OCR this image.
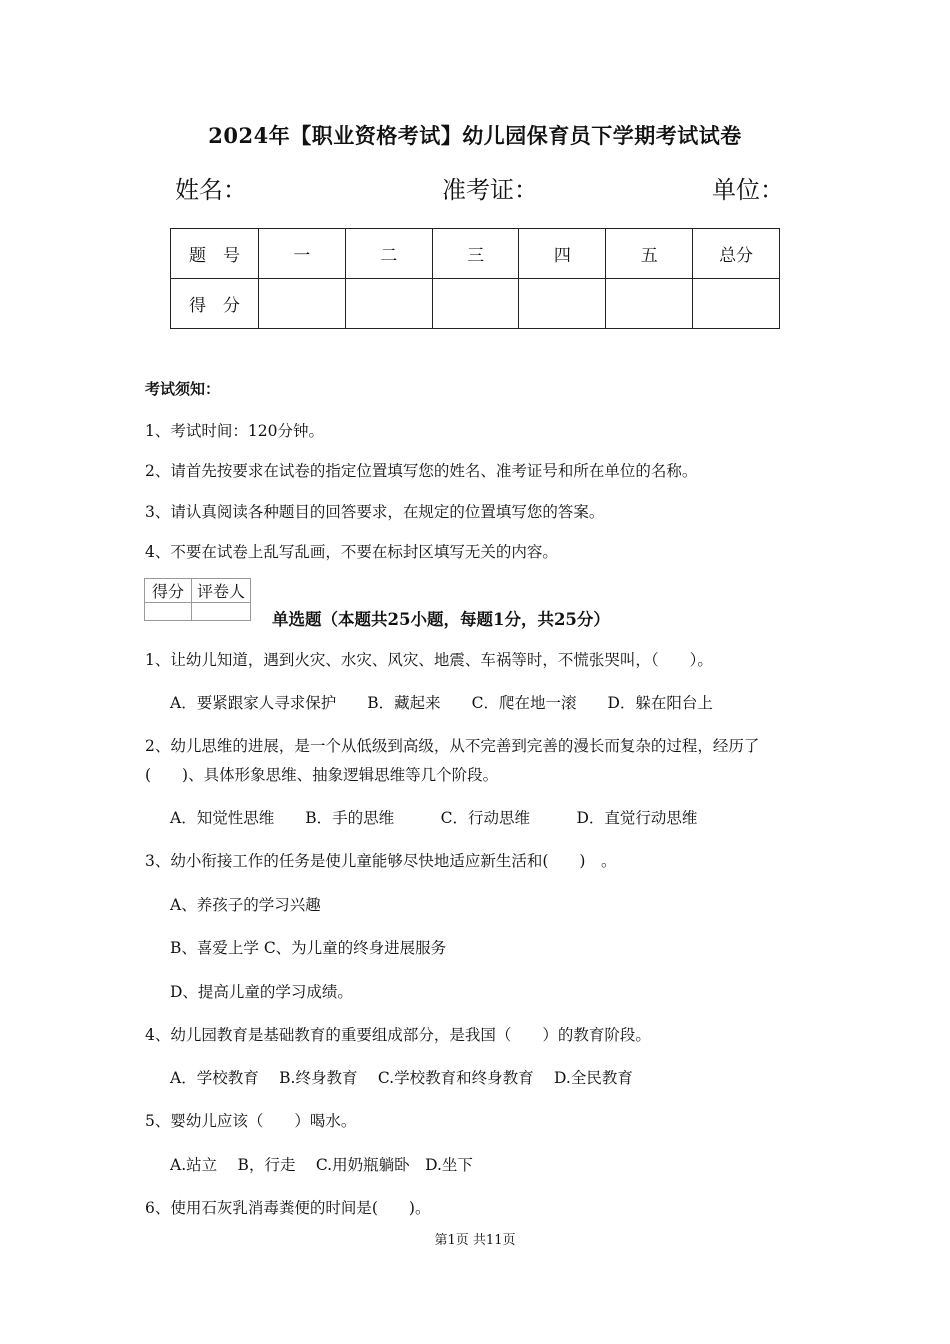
2024年【职业资格考试】幼儿园保育员下学期考试试卷
姓名：	准考证：	单位：
题　号	一	二	三	四	五	总分
得　分						
考试须知：
1、考试时间：120分钟。
2、请首先按要求在试卷的指定位置填写您的姓名、准考证号和所在单位的名称。
3、请认真阅读各种题目的回答要求，在规定的位置填写您的答案。
4、不要在试卷上乱写乱画，不要在标封区填写无关的内容。
得分	评卷人

单选题（本题共25小题，每题1分，共25分）
1、让幼儿知道，遇到火灾、水灾、风灾、地震、车祸等时，不慌张哭叫，（　　）。
A．要紧跟家人寻求保护　　B．藏起来　　C．爬在地一滚　　D．躲在阳台上
2、幼儿思维的进展，是一个从低级到高级，从不完善到完善的漫长而复杂的过程，经历了
(　　)、具体形象思维、抽象逻辑思维等几个阶段。
A．知觉性思维　　B．手的思维　　　C．行动思维　　　D．直觉行动思维
3、幼小衔接工作的任务是使儿童能够尽快地适应新生活和(　　)　。
A、养孩子的学习兴趣
B、喜爱上学 C、为儿童的终身进展服务
D、提高儿童的学习成绩。
4、幼儿园教育是基础教育的重要组成部分，是我国（　　）的教育阶段。
A．学校教育　 B.终身教育　 C.学校教育和终身教育　 D.全民教育
5、婴幼儿应该（　　）喝水。
A.站立　 B，行走　 C.用奶瓶躺卧　D.坐下
6、使用石灰乳消毒粪便的时间是(　　)。
第1页 共11页
